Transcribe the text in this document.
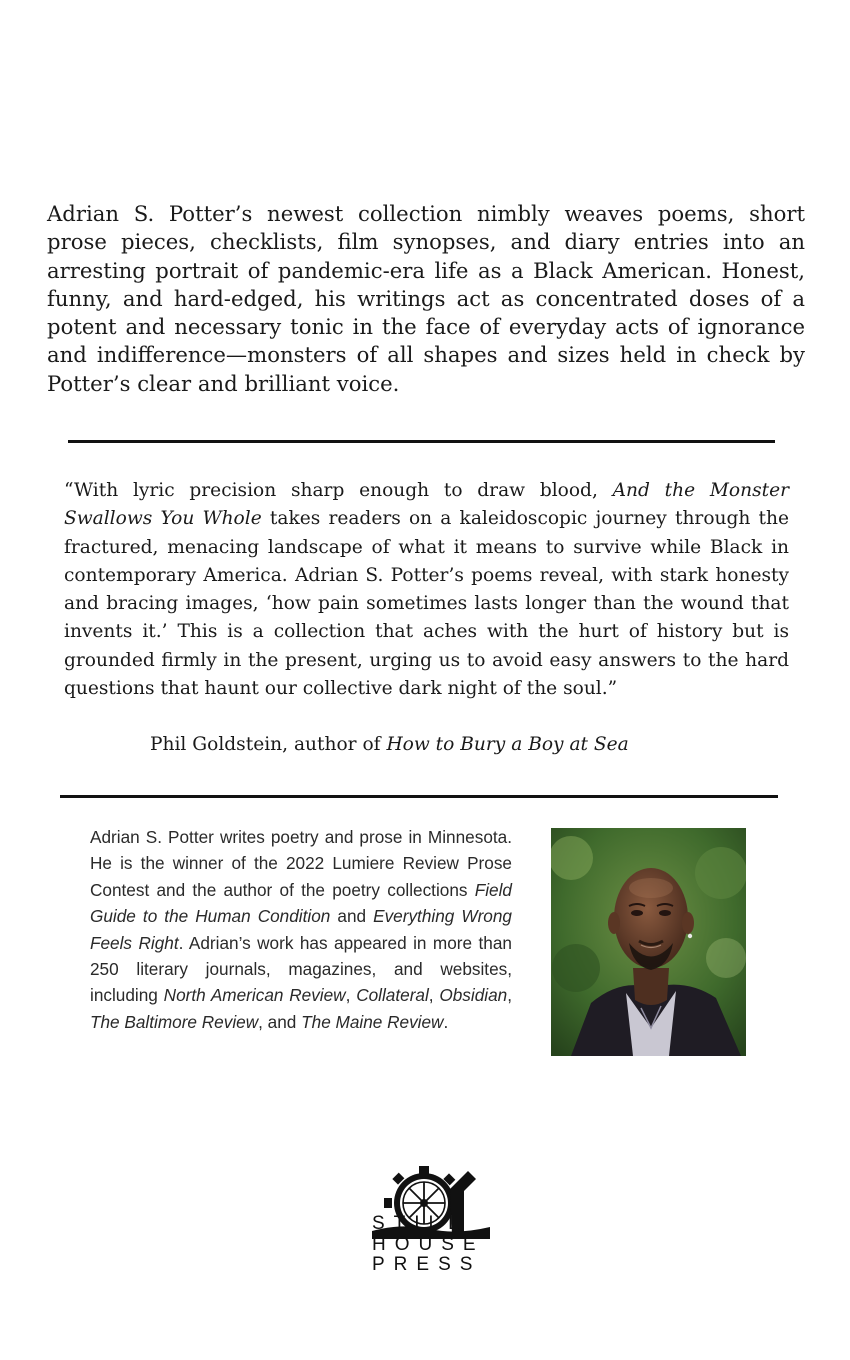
Adrian S. Potter’s newest collection nimbly weaves poems, short prose pieces, checklists, film synopses, and diary entries into an arresting portrait of pandemic-era life as a Black American. Honest, funny, and hard-edged, his writings act as concentrated doses of a potent and necessary tonic in the face of everyday acts of ignorance and indifference—monsters of all shapes and sizes held in check by Potter’s clear and brilliant voice.

“With lyric precision sharp enough to draw blood, And the Monster Swallows You Whole takes readers on a kaleidoscopic journey through the fractured, menacing landscape of what it means to survive while Black in contemporary America. Adrian S. Potter’s poems reveal, with stark honesty and bracing images, ‘how pain sometimes lasts longer than the wound that invents it.’ This is a collection that aches with the hurt of history but is grounded firmly in the present, urging us to avoid easy answers to the hard questions that haunt our collective dark night of the soul.”

Phil Goldstein, author of How to Bury a Boy at Sea

Adrian S. Potter writes poetry and prose in Minnesota. He is the winner of the 2022 Lumiere Review Prose Contest and the author of the poetry collections Field Guide to the Human Condition and Everything Wrong Feels Right. Adrian’s work has appeared in more than 250 literary journals, magazines, and websites, including North American Review, Collateral, Obsidian, The Baltimore Review, and The Maine Review.

STILL
HOUSE
PRESS
